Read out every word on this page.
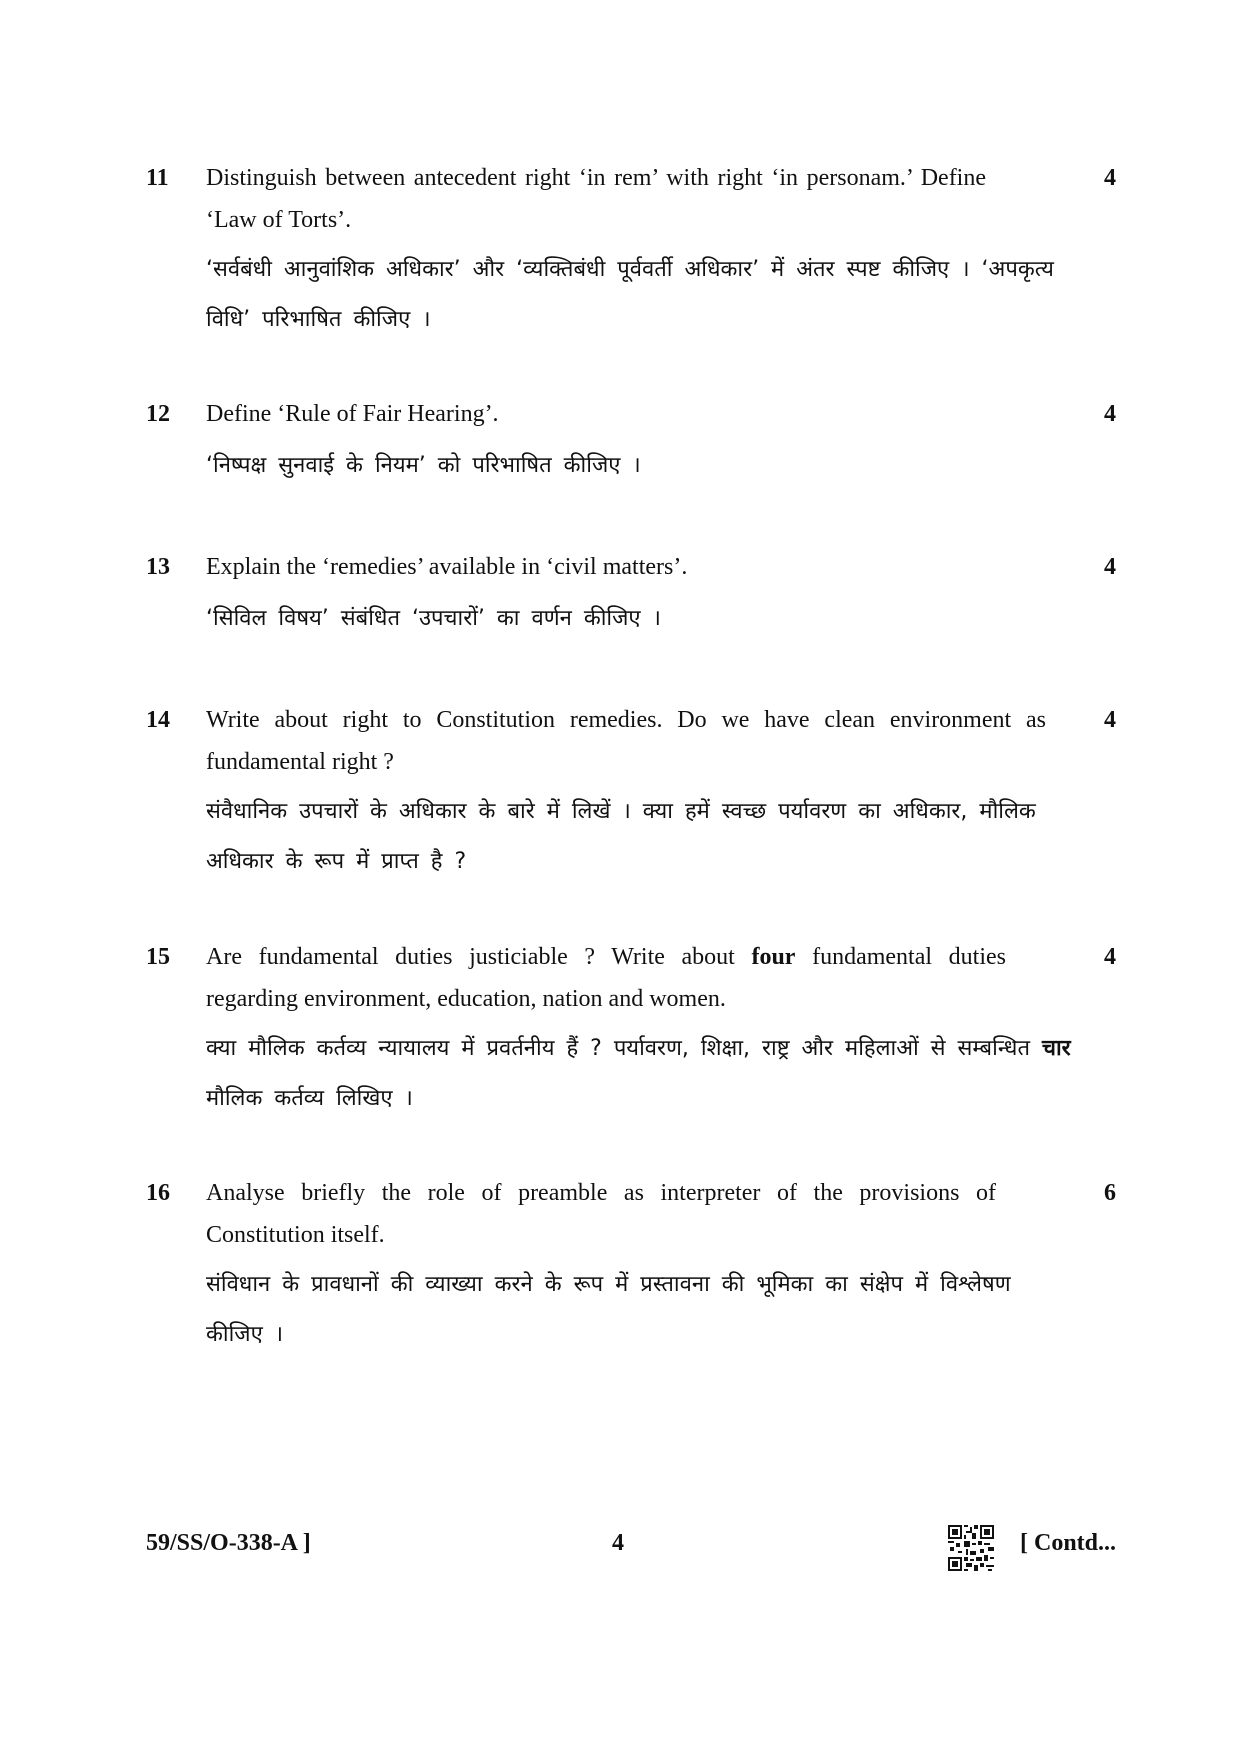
11 Distinguish between antecedent right ‘in rem’ with right ‘in personam.’ Define ‘Law of Torts’.

4

‘सर्वबंधी आनुवांशिक अधिकार’ और ‘व्यक्तिबंधी पूर्ववर्ती अधिकार’ में अंतर स्पष्ट कीजिए । ‘अपकृत्य विधि’ परिभाषित कीजिए ।

12 Define ‘Rule of Fair Hearing’.	4

‘निष्पक्ष सुनवाई के नियम’ को परिभाषित कीजिए ।

13 Explain the ‘remedies’ available in ‘civil matters’.	4

‘सिविल विषय’ संबंधित ‘उपचारों’ का वर्णन कीजिए ।

14 Write about right to Constitution remedies. Do we have clean environment as fundamental right ?

4

संवैधानिक उपचारों के अधिकार के बारे में लिखें । क्या हमें स्वच्छ पर्यावरण का अधिकार, मौलिक अधिकार के रूप में प्राप्त है ?

15 Are fundamental duties justiciable ? Write about four fundamental duties regarding environment, education, nation and women.

4

क्या मौलिक कर्तव्य न्यायालय में प्रवर्तनीय हैं ? पर्यावरण, शिक्षा, राष्ट्र और महिलाओं से सम्बन्धित चार मौलिक कर्तव्य लिखिए ।

16 Analyse briefly the role of preamble as interpreter of the provisions of Constitution itself.

6

संविधान के प्रावधानों की व्याख्या करने के रूप में प्रस्तावना की भूमिका का संक्षेप में विश्लेषण कीजिए ।

59/SS/O-338-A ]	4	[ Contd...
